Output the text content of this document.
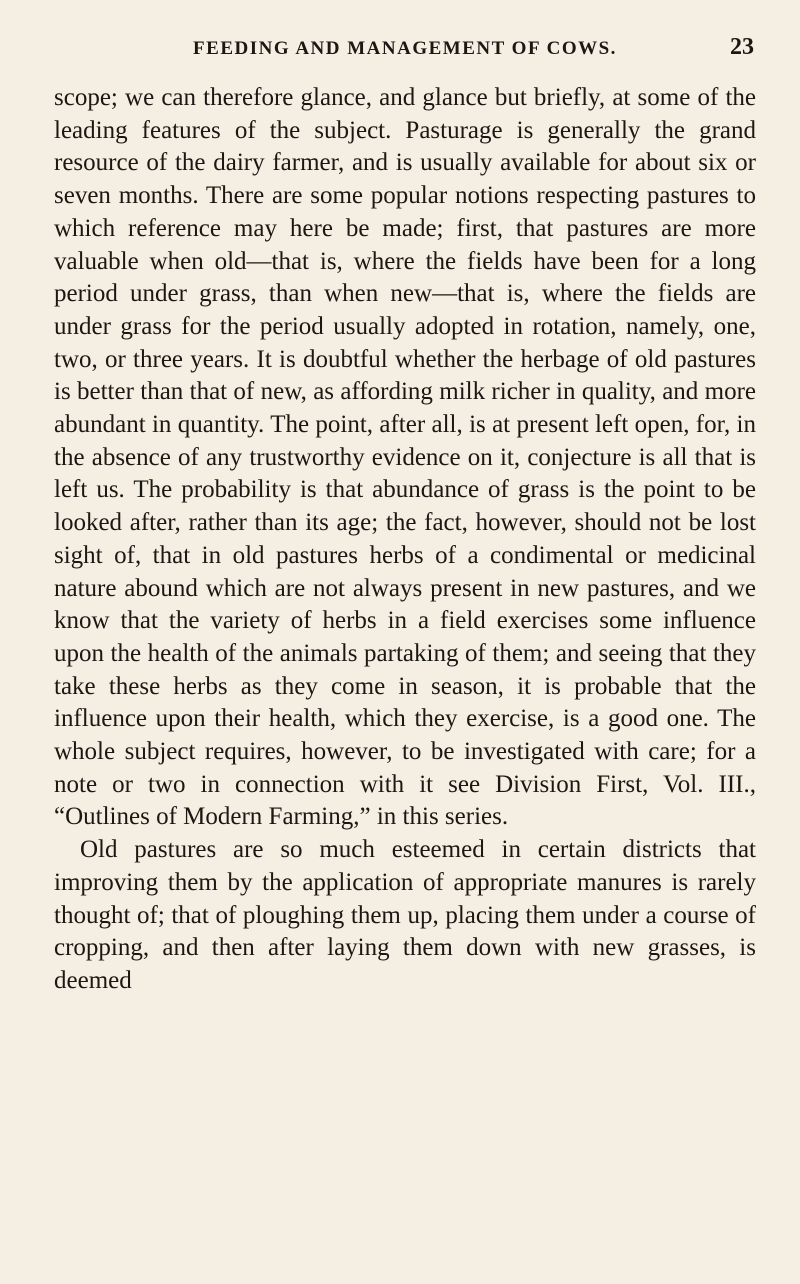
FEEDING AND MANAGEMENT OF COWS.	23

scope; we can therefore glance, and glance but briefly, at some of the leading features of the subject. Pasturage is generally the grand resource of the dairy farmer, and is usually available for about six or seven months. There are some popular notions respecting pastures to which reference may here be made; first, that pastures are more valuable when old—that is, where the fields have been for a long period under grass, than when new—that is, where the fields are under grass for the period usually adopted in rotation, namely, one, two, or three years. It is doubtful whether the herbage of old pastures is better than that of new, as affording milk richer in quality, and more abundant in quantity. The point, after all, is at present left open, for, in the absence of any trustworthy evidence on it, conjecture is all that is left us. The probability is that abundance of grass is the point to be looked after, rather than its age; the fact, however, should not be lost sight of, that in old pastures herbs of a condimental or medicinal nature abound which are not always present in new pastures, and we know that the variety of herbs in a field exercises some influence upon the health of the animals partaking of them; and seeing that they take these herbs as they come in season, it is probable that the influence upon their health, which they exercise, is a good one. The whole subject requires, however, to be investigated with care; for a note or two in connection with it see Division First, Vol. III., “Outlines of Modern Farming,” in this series.

Old pastures are so much esteemed in certain districts that improving them by the application of appropriate manures is rarely thought of; that of ploughing them up, placing them under a course of cropping, and then after laying them down with new grasses, is deemed
